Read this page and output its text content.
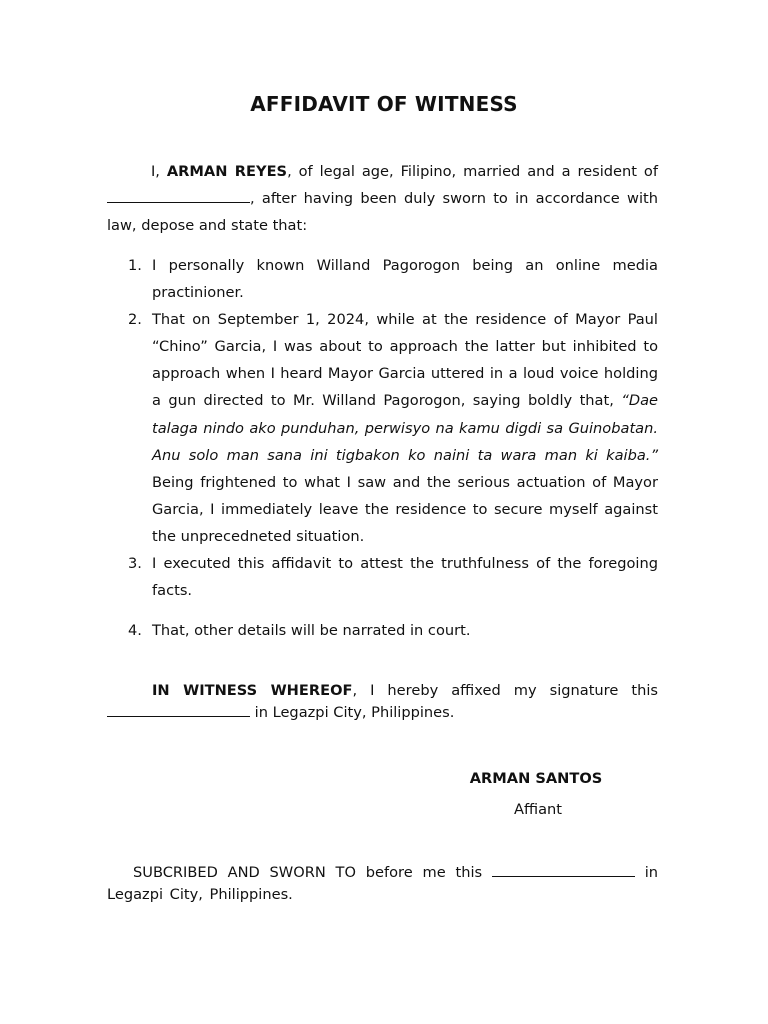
AFFIDAVIT OF WITNESS

I, ARMAN REYES, of legal age, Filipino, married and a resident of , after having been duly sworn to in accordance with law, depose and state that:

1. I personally known Willand Pagorogon being an online media practinioner.
2. That on September 1, 2024, while at the residence of Mayor Paul “Chino” Garcia, I was about to approach the latter but inhibited to approach when I heard Mayor Garcia uttered in a loud voice holding a gun directed to Mr. Willand Pagorogon, saying boldly that, “Dae talaga nindo ako punduhan, perwisyo na kamu digdi sa Guinobatan. Anu solo man sana ini tigbakon ko naini ta wara man ki kaiba.” Being frightened to what I saw and the serious actuation of Mayor Garcia, I immediately leave the residence to secure myself against the unprecedneted situation.
3. I executed this affidavit to attest the truthfulness of the foregoing facts.
4. That, other details will be narrated in court.

IN WITNESS WHEREOF, I hereby affixed my signature this  in Legazpi City, Philippines.

ARMAN SANTOS
Affiant

SUBCRIBED AND SWORN TO before me this	in Legazpi City, Philippines.
